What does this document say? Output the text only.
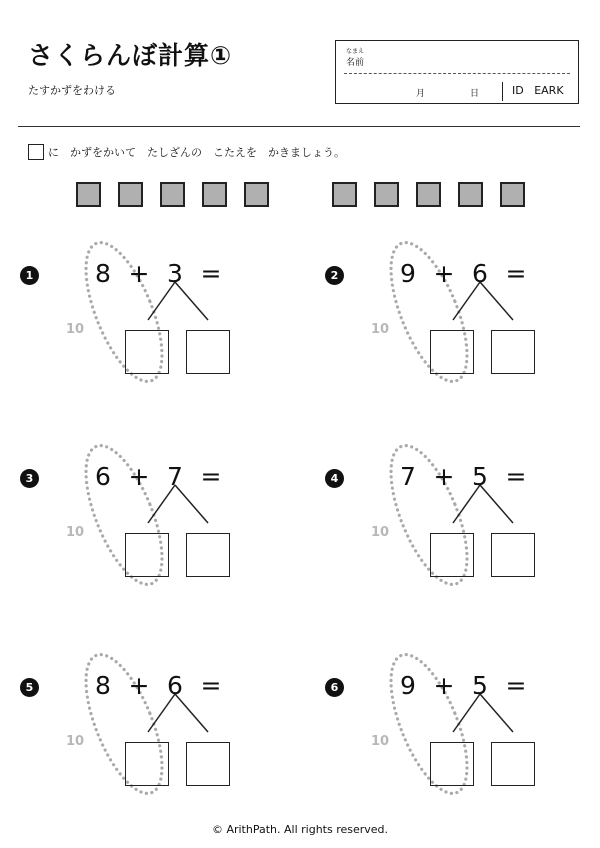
さくらんぼ計算①
たすかずをわける
なまえ
名前
月	日	ID   EARK
に　かずをかいて　たしざんの　こたえを　かきましょう。
1 8 + 3 =
10
2 9 + 6 =
10
3 6 + 7 =
10
4 7 + 5 =
10
5 8 + 6 =
10
6 9 + 5 =
10
© ArithPath. All rights reserved.
